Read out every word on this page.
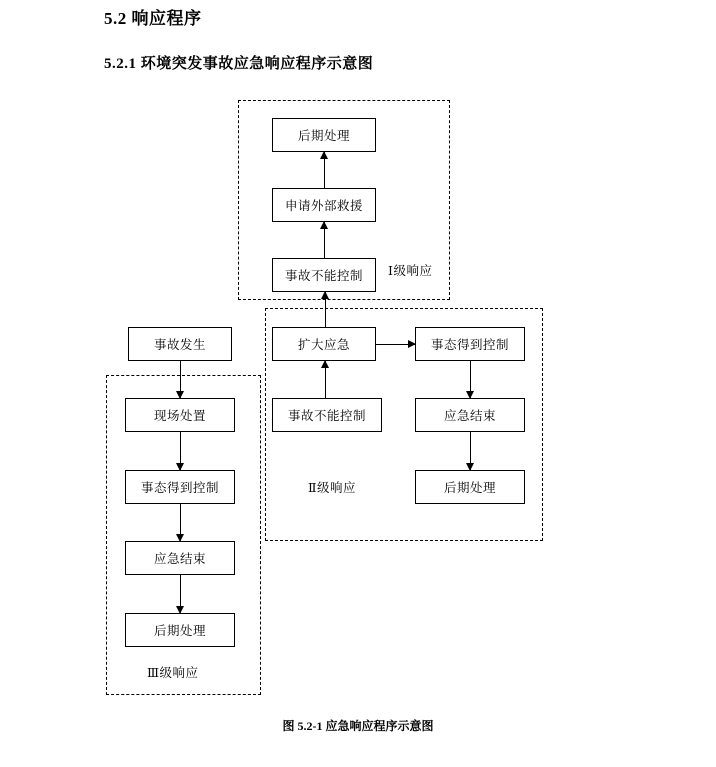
5.2 响应程序
5.2.1 环境突发事故应急响应程序示意图
后期处理
申请外部救援
事故不能控制 Ⅰ级响应
事故发生	扩大应急	事态得到控制
事故不能控制	应急结束
后期处理
Ⅱ级响应
现场处置
事态得到控制
应急结束
后期处理
Ⅲ级响应
图 5.2-1 应急响应程序示意图
